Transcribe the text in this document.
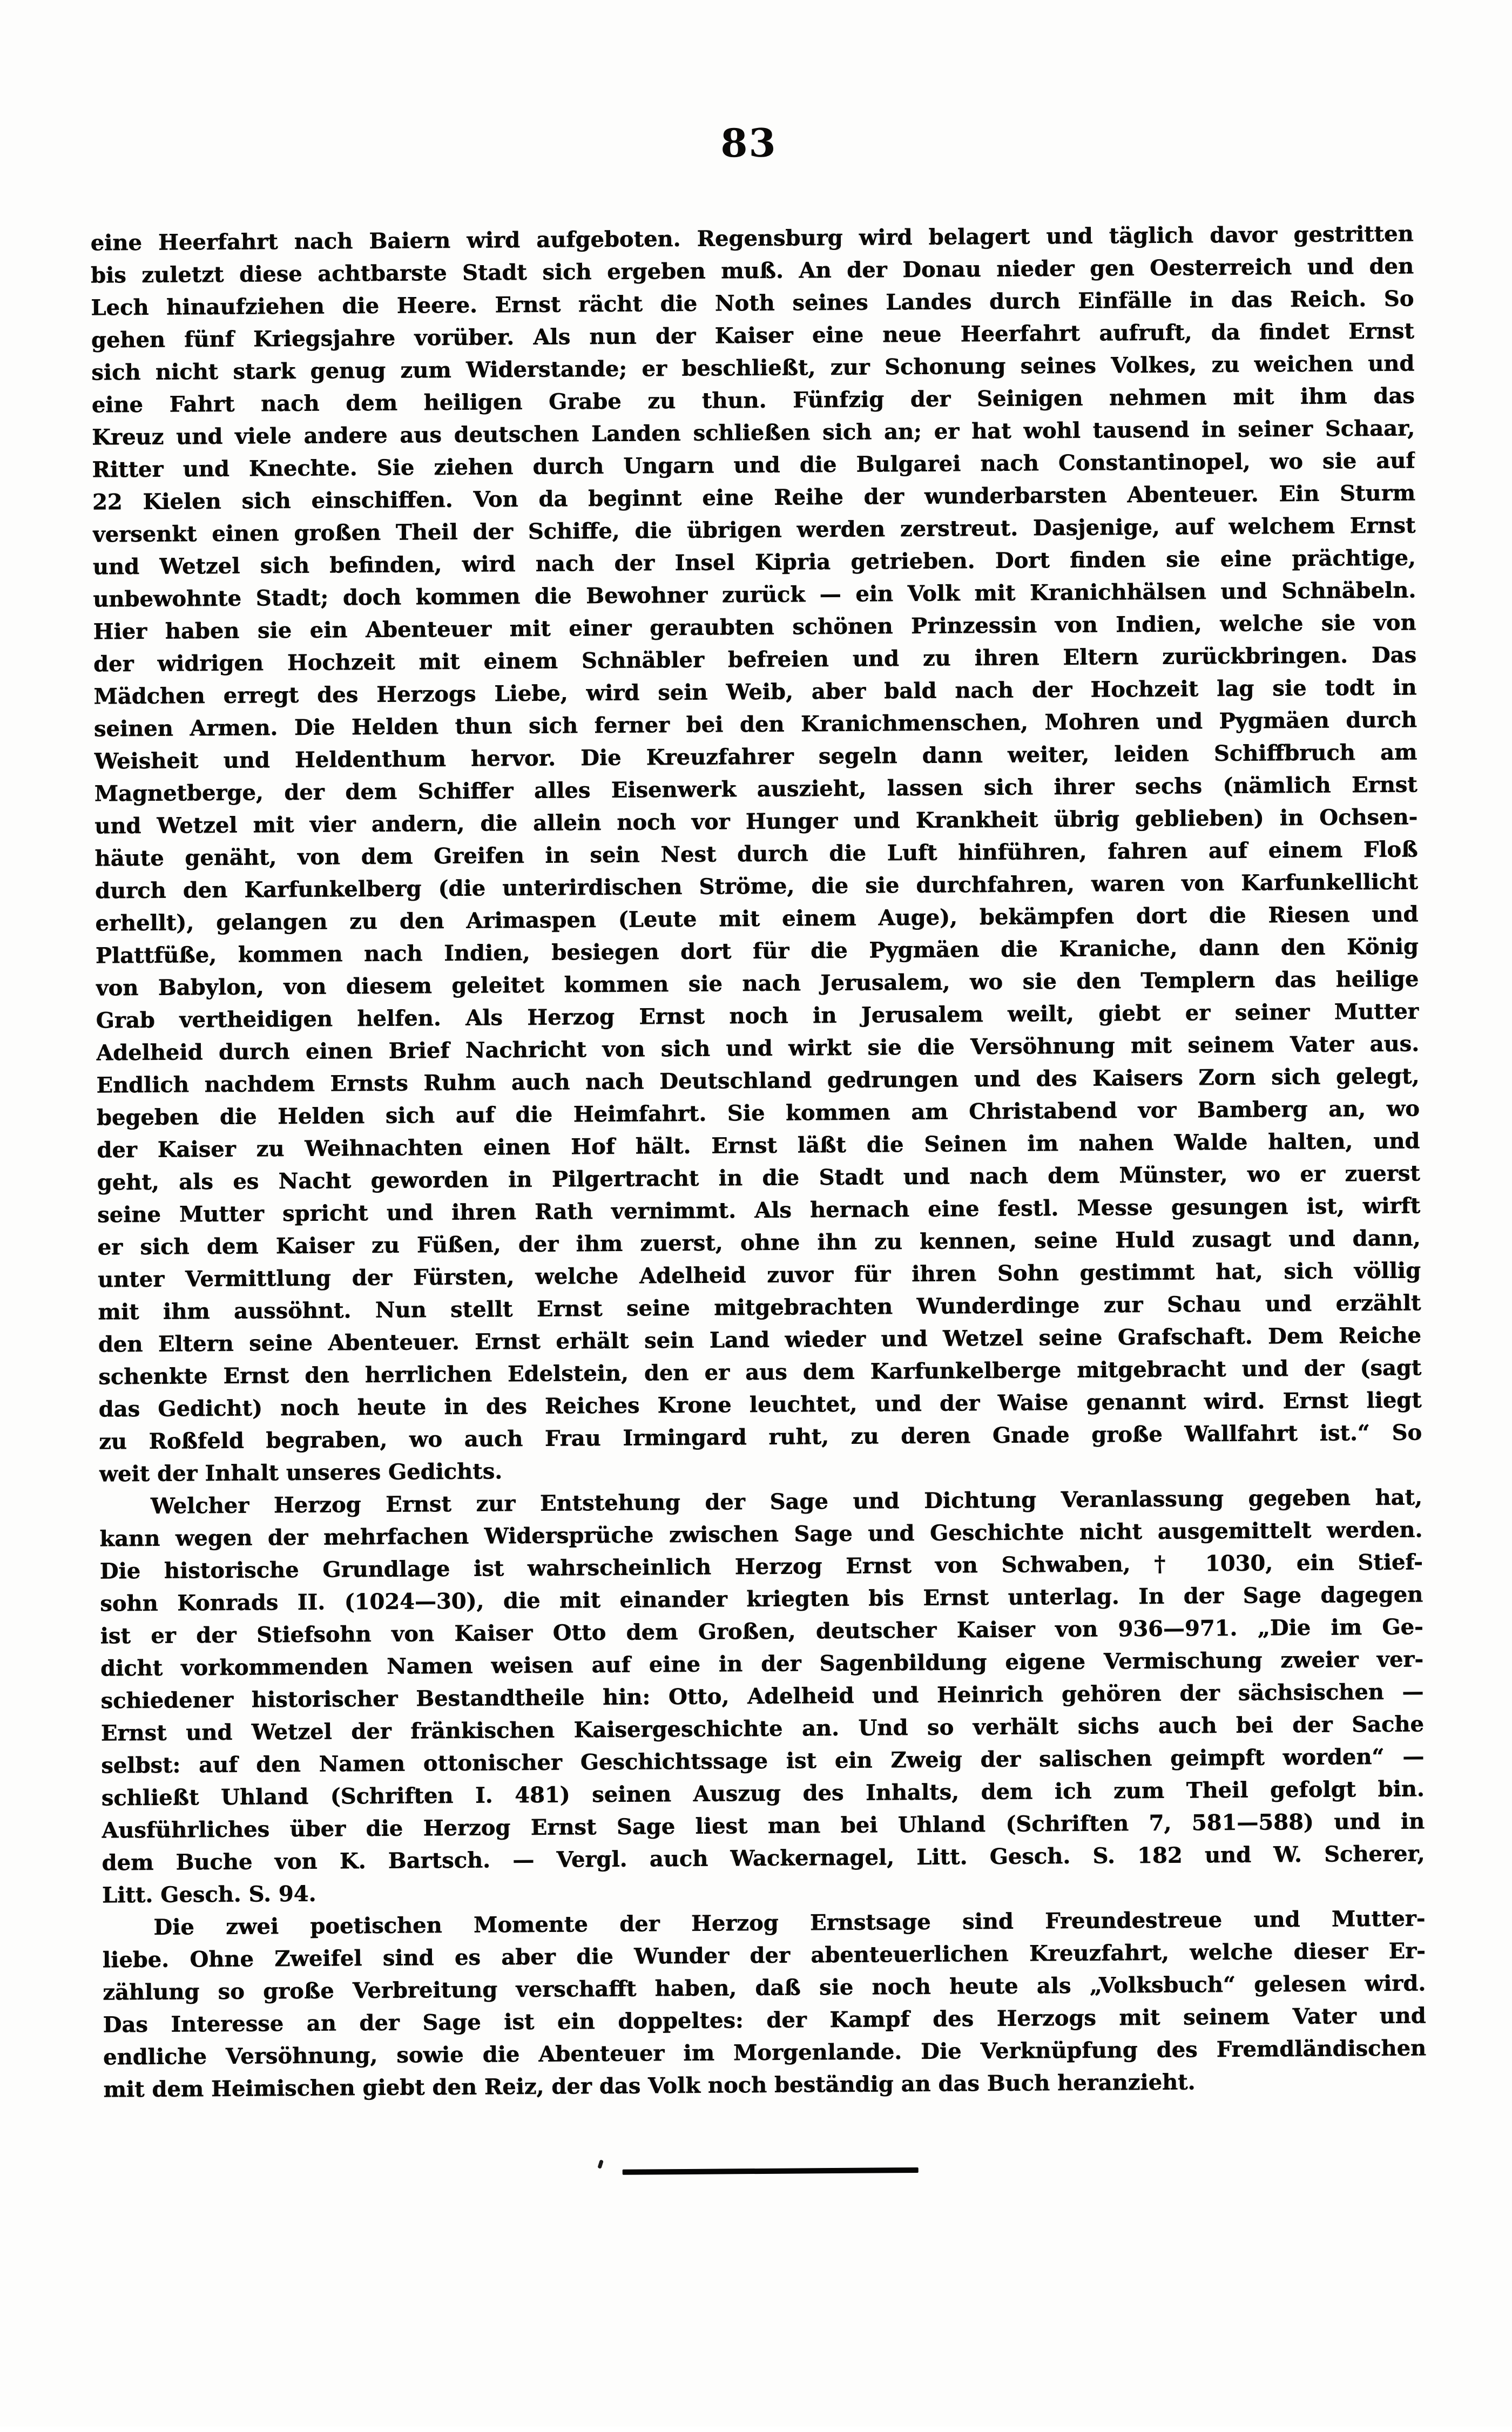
83
eine Heerfahrt nach Baiern wird aufgeboten. Regensburg wird belagert und täglich davor gestritten
bis zuletzt diese achtbarste Stadt sich ergeben muß. An der Donau nieder gen Oesterreich und den
Lech hinaufziehen die Heere. Ernst rächt die Noth seines Landes durch Einfälle in das Reich. So
gehen fünf Kriegsjahre vorüber. Als nun der Kaiser eine neue Heerfahrt aufruft, da findet Ernst
sich nicht stark genug zum Widerstande; er beschließt, zur Schonung seines Volkes, zu weichen und
eine Fahrt nach dem heiligen Grabe zu thun. Fünfzig der Seinigen nehmen mit ihm das
Kreuz und viele andere aus deutschen Landen schließen sich an; er hat wohl tausend in seiner Schaar,
Ritter und Knechte. Sie ziehen durch Ungarn und die Bulgarei nach Constantinopel, wo sie auf
22 Kielen sich einschiffen. Von da beginnt eine Reihe der wunderbarsten Abenteuer. Ein Sturm
versenkt einen großen Theil der Schiffe, die übrigen werden zerstreut. Dasjenige, auf welchem Ernst
und Wetzel sich befinden, wird nach der Insel Kipria getrieben. Dort finden sie eine prächtige,
unbewohnte Stadt; doch kommen die Bewohner zurück — ein Volk mit Kranichhälsen und Schnäbeln.
Hier haben sie ein Abenteuer mit einer geraubten schönen Prinzessin von Indien, welche sie von
der widrigen Hochzeit mit einem Schnäbler befreien und zu ihren Eltern zurückbringen. Das
Mädchen erregt des Herzogs Liebe, wird sein Weib, aber bald nach der Hochzeit lag sie todt in
seinen Armen. Die Helden thun sich ferner bei den Kranichmenschen, Mohren und Pygmäen durch
Weisheit und Heldenthum hervor. Die Kreuzfahrer segeln dann weiter, leiden Schiffbruch am
Magnetberge, der dem Schiffer alles Eisenwerk auszieht, lassen sich ihrer sechs (nämlich Ernst
und Wetzel mit vier andern, die allein noch vor Hunger und Krankheit übrig geblieben) in Ochsen-
häute genäht, von dem Greifen in sein Nest durch die Luft hinführen, fahren auf einem Floß
durch den Karfunkelberg (die unterirdischen Ströme, die sie durchfahren, waren von Karfunkellicht
erhellt), gelangen zu den Arimaspen (Leute mit einem Auge), bekämpfen dort die Riesen und
Plattfüße, kommen nach Indien, besiegen dort für die Pygmäen die Kraniche, dann den König
von Babylon, von diesem geleitet kommen sie nach Jerusalem, wo sie den Templern das heilige
Grab vertheidigen helfen. Als Herzog Ernst noch in Jerusalem weilt, giebt er seiner Mutter
Adelheid durch einen Brief Nachricht von sich und wirkt sie die Versöhnung mit seinem Vater aus.
Endlich nachdem Ernsts Ruhm auch nach Deutschland gedrungen und des Kaisers Zorn sich gelegt,
begeben die Helden sich auf die Heimfahrt. Sie kommen am Christabend vor Bamberg an, wo
der Kaiser zu Weihnachten einen Hof hält. Ernst läßt die Seinen im nahen Walde halten, und
geht, als es Nacht geworden in Pilgertracht in die Stadt und nach dem Münster, wo er zuerst
seine Mutter spricht und ihren Rath vernimmt. Als hernach eine festl. Messe gesungen ist, wirft
er sich dem Kaiser zu Füßen, der ihm zuerst, ohne ihn zu kennen, seine Huld zusagt und dann,
unter Vermittlung der Fürsten, welche Adelheid zuvor für ihren Sohn gestimmt hat, sich völlig
mit ihm aussöhnt. Nun stellt Ernst seine mitgebrachten Wunderdinge zur Schau und erzählt
den Eltern seine Abenteuer. Ernst erhält sein Land wieder und Wetzel seine Grafschaft. Dem Reiche
schenkte Ernst den herrlichen Edelstein, den er aus dem Karfunkelberge mitgebracht und der (sagt
das Gedicht) noch heute in des Reiches Krone leuchtet, und der Waise genannt wird. Ernst liegt
zu Roßfeld begraben, wo auch Frau Irmingard ruht, zu deren Gnade große Wallfahrt ist.“ So
weit der Inhalt unseres Gedichts.
Welcher Herzog Ernst zur Entstehung der Sage und Dichtung Veranlassung gegeben hat,
kann wegen der mehrfachen Widersprüche zwischen Sage und Geschichte nicht ausgemittelt werden.
Die historische Grundlage ist wahrscheinlich Herzog Ernst von Schwaben, † 1030, ein Stief-
sohn Konrads II. (1024—30), die mit einander kriegten bis Ernst unterlag. In der Sage dagegen
ist er der Stiefsohn von Kaiser Otto dem Großen, deutscher Kaiser von 936—971. „Die im Ge-
dicht vorkommenden Namen weisen auf eine in der Sagenbildung eigene Vermischung zweier ver-
schiedener historischer Bestandtheile hin: Otto, Adelheid und Heinrich gehören der sächsischen —
Ernst und Wetzel der fränkischen Kaisergeschichte an. Und so verhält sichs auch bei der Sache
selbst: auf den Namen ottonischer Geschichtssage ist ein Zweig der salischen geimpft worden“ —
schließt Uhland (Schriften I. 481) seinen Auszug des Inhalts, dem ich zum Theil gefolgt bin.
Ausführliches über die Herzog Ernst Sage liest man bei Uhland (Schriften 7, 581—588) und in
dem Buche von K. Bartsch. — Vergl. auch Wackernagel, Litt. Gesch. S. 182 und W. Scherer,
Litt. Gesch. S. 94.
Die zwei poetischen Momente der Herzog Ernstsage sind Freundestreue und Mutter-
liebe. Ohne Zweifel sind es aber die Wunder der abenteuerlichen Kreuzfahrt, welche dieser Er-
zählung so große Verbreitung verschafft haben, daß sie noch heute als „Volksbuch“ gelesen wird.
Das Interesse an der Sage ist ein doppeltes: der Kampf des Herzogs mit seinem Vater und
endliche Versöhnung, sowie die Abenteuer im Morgenlande. Die Verknüpfung des Fremdländischen
mit dem Heimischen giebt den Reiz, der das Volk noch beständig an das Buch heranzieht.
